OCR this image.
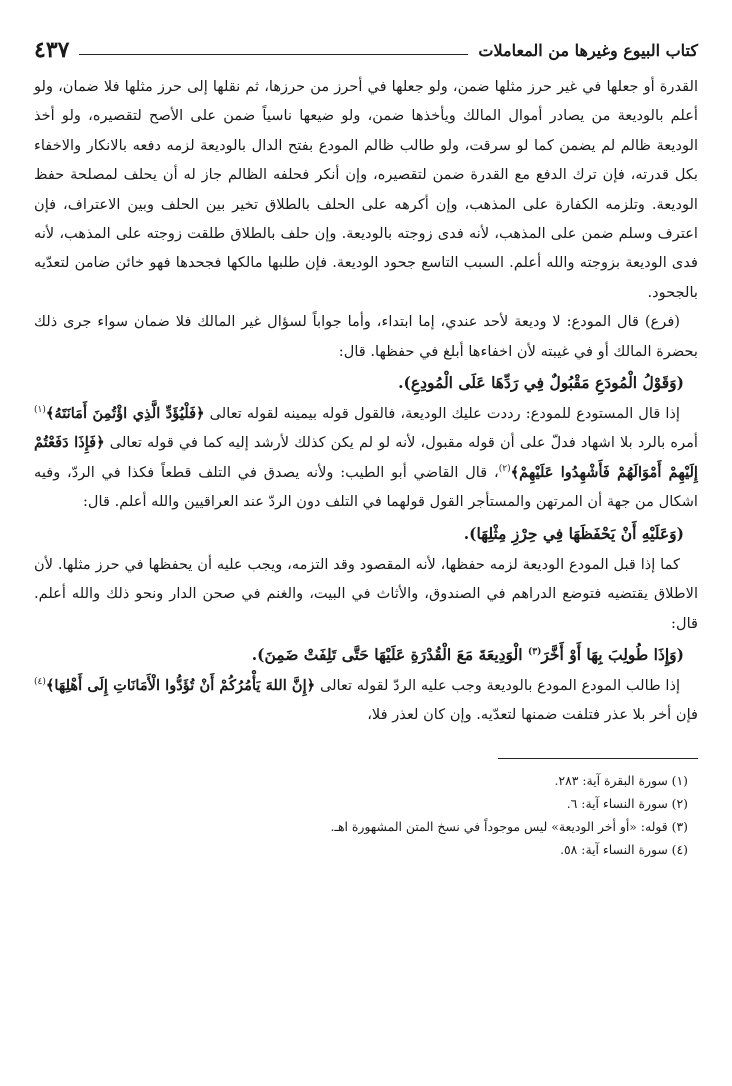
كتاب البيوع وغيرها من المعاملات
٤٣٧

القدرة أو جعلها في غير حرز مثلها ضمن، ولو جعلها في أحرز من حرزها، ثم نقلها إلى حرز مثلها فلا ضمان، ولو أعلم بالوديعة من يصادر أموال المالك ويأخذها ضمن، ولو ضيعها ناسياً ضمن على الأصح لتقصيره، ولو أخذ الوديعة ظالم لم يضمن كما لو سرقت، ولو طالب ظالم المودع بفتح الدال بالوديعة لزمه دفعه بالانكار والاخفاء بكل قدرته، فإن ترك الدفع مع القدرة ضمن لتقصيره، وإن أنكر فحلفه الظالم جاز له أن يحلف لمصلحة حفظ الوديعة. وتلزمه الكفارة على المذهب، وإن أكرهه على الحلف بالطلاق تخير بين الحلف وبين الاعتراف، فإن اعترف وسلم ضمن على المذهب، لأنه فدى زوجته بالوديعة. وإن حلف بالطلاق طلقت زوجته على المذهب، لأنه فدى الوديعة بزوجته والله أعلم. السبب التاسع جحود الوديعة. فإن طلبها مالكها فجحدها فهو خائن ضامن لتعدّيه بالجحود.

(فرع) قال المودع: لا وديعة لأحد عندي، إما ابتداء، وأما جواباً لسؤال غير المالك فلا ضمان سواء جرى ذلك بحضرة المالك أو في غيبته لأن اخفاءها أبلغ في حفظها. قال:

(وَقَوْلُ الْمُودَعِ مَقْبُولٌ فِي رَدِّهَا عَلَى الْمُودِعِ).

إذا قال المستودع للمودع: رددت عليك الوديعة، فالقول قوله بيمينه لقوله تعالى ﴿فَلْيُؤَدِّ الَّذِي اؤْتُمِنَ أَمَانَتَهُ﴾$^{(١)}$ أمره بالرد بلا اشهاد فدلّ على أن قوله مقبول، لأنه لو لم يكن كذلك لأرشد إليه كما في قوله تعالى ﴿فَإِذَا دَفَعْتُمْ إِلَيْهِمْ أَمْوَالَهُمْ فَأَشْهِدُوا عَلَيْهِمْ﴾$^{(٢)}$، قال القاضي أبو الطيب: ولأنه يصدق في التلف قطعاً فكذا في الردّ، وفيه اشكال من جهة أن المرتهن والمستأجر القول قولهما في التلف دون الردّ عند العراقيين والله أعلم. قال:

(وَعَلَيْهِ أَنْ يَحْفَظَهَا فِي حِرْزِ مِثْلِهَا).

كما إذا قبل المودع الوديعة لزمه حفظها، لأنه المقصود وقد التزمه، ويجب عليه أن يحفظها في حرز مثلها. لأن الاطلاق يقتضيه فتوضع الدراهم في الصندوق، والأثاث في البيت، والغنم في صحن الدار ونحو ذلك والله أعلم. قال:

(وَإِذَا طُولِبَ بِهَا أَوْ أَخَّرَ$^{(٣)}$ الْوَدِيعَةَ مَعَ الْقُدْرَةِ عَلَيْهَا حَتَّى تَلِفَتْ ضَمِنَ).

إذا طالب المودع المودع بالوديعة وجب عليه الردّ لقوله تعالى ﴿إِنَّ اللهَ يَأْمُرُكُمْ أَنْ تُؤَدُّوا الْأَمَانَاتِ إِلَى أَهْلِهَا﴾$^{(٤)}$ فإن أخر بلا عذر فتلفت ضمنها لتعدّيه. وإن كان لعذر فلا،

(١) سورة البقرة آية: ٢٨٣.

(٢) سورة النساء آية: ٦.

(٣) قوله: «أو أخر الوديعة» ليس موجوداً في نسخ المتن المشهورة اهـ.

(٤) سورة النساء آية: ٥٨.
